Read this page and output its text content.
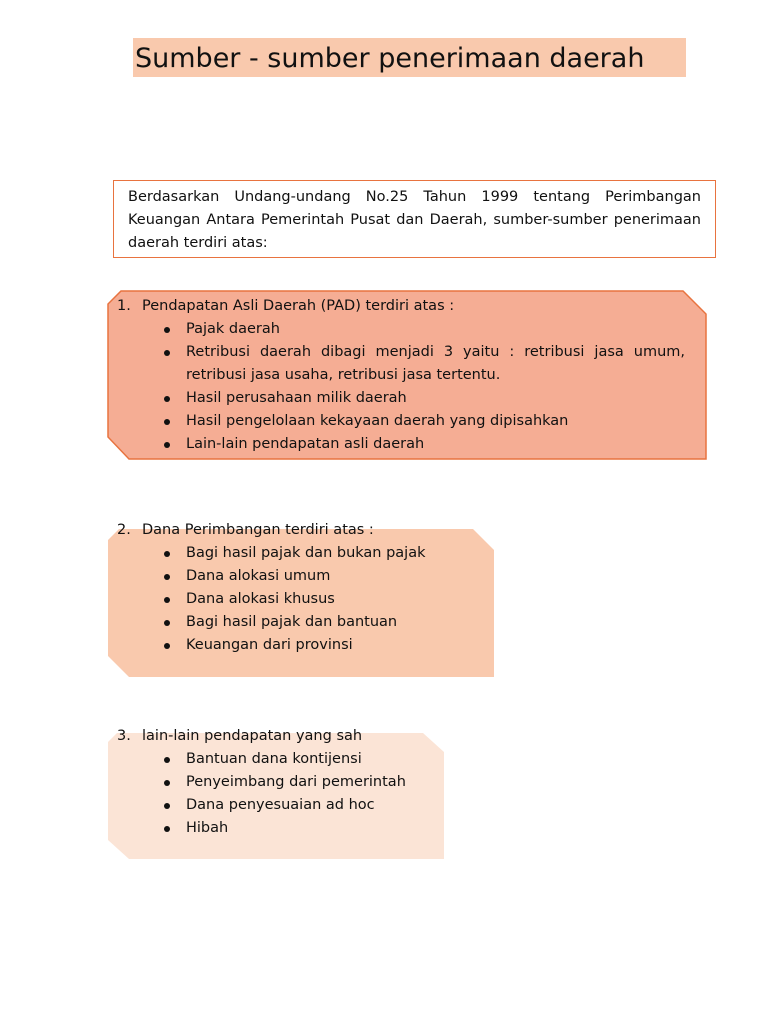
Sumber - sumber penerimaan daerah
Berdasarkan Undang-undang No.25 Tahun 1999 tentang Perimbangan Keuangan Antara Pemerintah Pusat dan Daerah, sumber-sumber penerimaan daerah terdiri atas:
1. Pendapatan Asli Daerah (PAD) terdiri atas :
Pajak daerah
Retribusi daerah dibagi menjadi 3 yaitu : retribusi jasa umum, retribusi jasa usaha, retribusi jasa tertentu.
Hasil perusahaan milik daerah
Hasil pengelolaan kekayaan daerah yang dipisahkan
Lain-lain pendapatan asli daerah
2. Dana Perimbangan terdiri atas :
Bagi hasil pajak dan bukan pajak
Dana alokasi umum
Dana alokasi khusus
Bagi hasil pajak dan bantuan
Keuangan dari provinsi
3. lain-lain pendapatan yang sah
Bantuan dana kontijensi
Penyeimbang dari pemerintah
Dana penyesuaian ad hoc
Hibah
